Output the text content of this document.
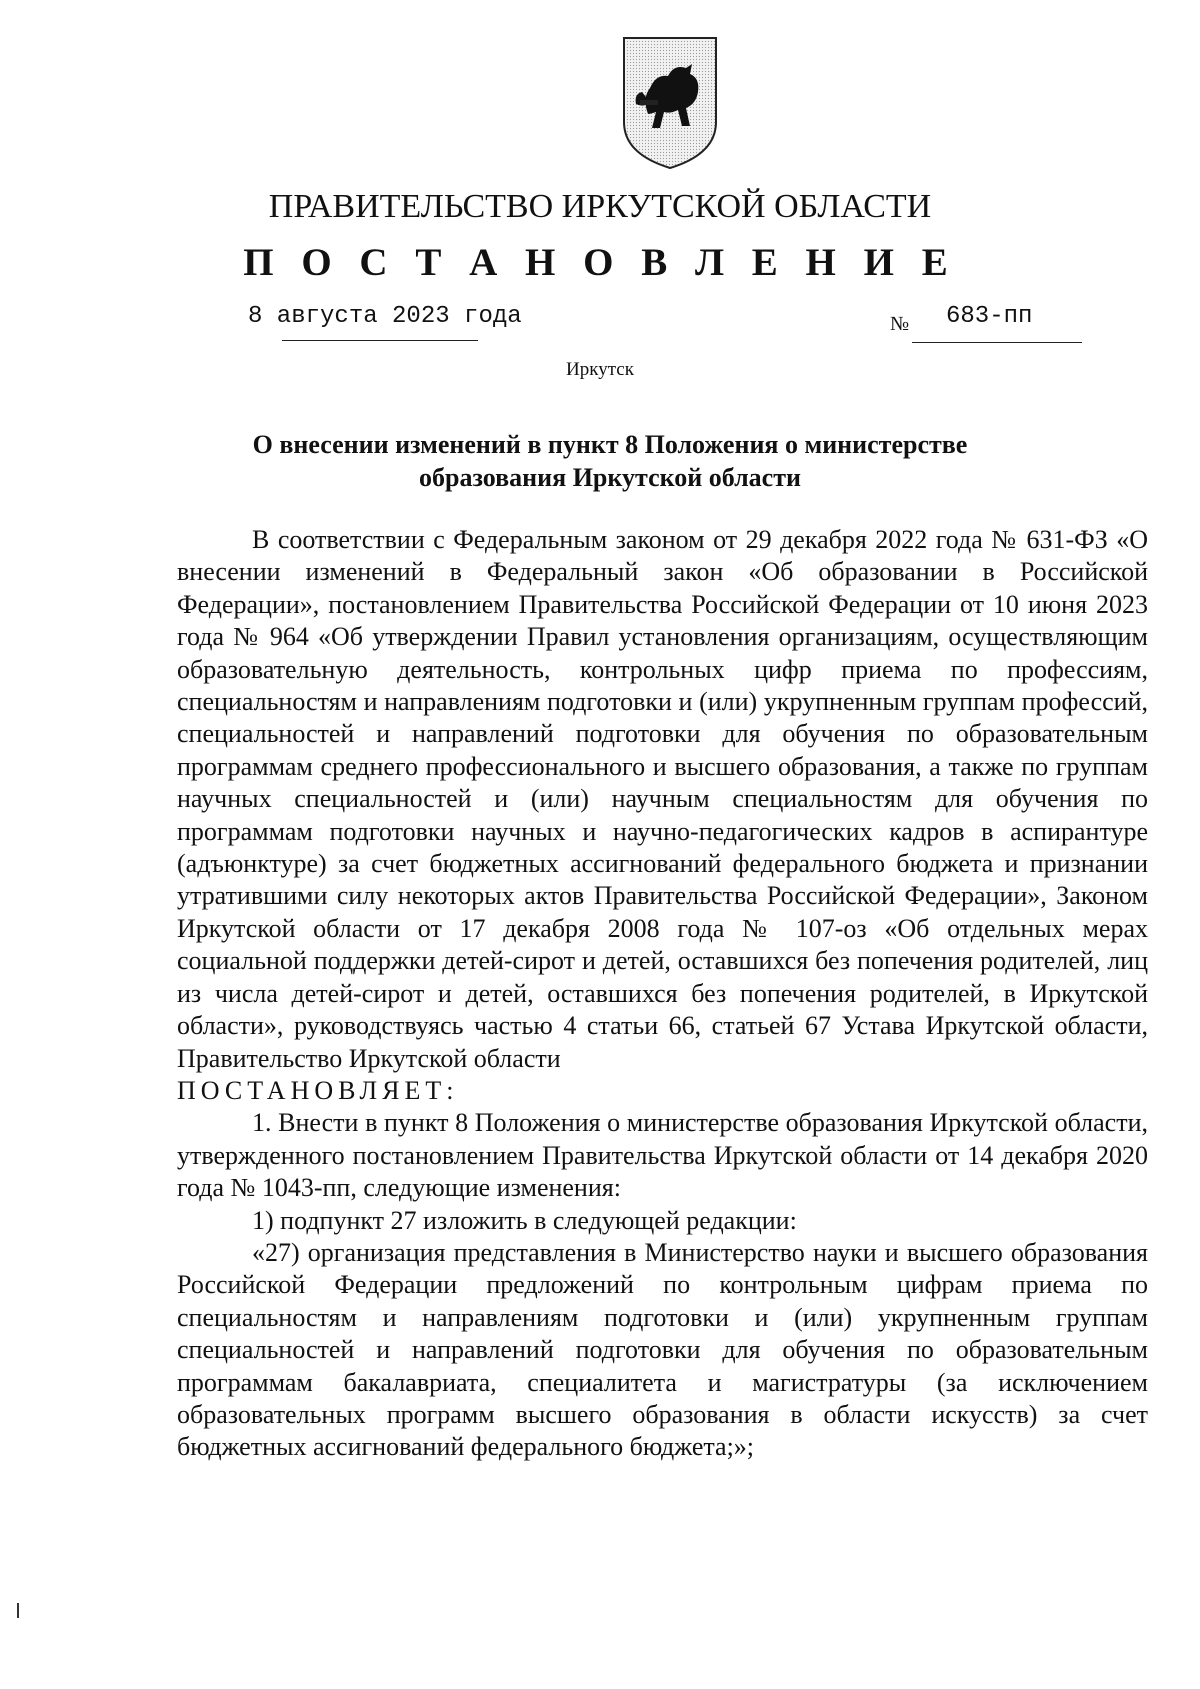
ПРАВИТЕЛЬСТВО ИРКУТСКОЙ ОБЛАСТИ
П О С Т А Н О В Л Е Н И Е
8 августа 2023 года	№ 683-пп
Иркутск
О внесении изменений в пункт 8 Положения о министерстве образования Иркутской области

В соответствии с Федеральным законом от 29 декабря 2022 года № 631-ФЗ «О внесении изменений в Федеральный закон «Об образовании в Российской Федерации», постановлением Правительства Российской Федерации от 10 июня 2023 года № 964 «Об утверждении Правил установления организациям, осуществляющим образовательную деятельность, контрольных цифр приема по профессиям, специальностям и направлениям подготовки и (или) укрупненным группам профессий, специальностей и направлений подготовки для обучения по образовательным программам среднего профессионального и высшего образования, а также по группам научных специальностей и (или) научным специальностям для обучения по программам подготовки научных и научно-педагогических кадров в аспирантуре (адъюнктуре) за счет бюджетных ассигнований федерального бюджета и признании утратившими силу некоторых актов Правительства Российской Федерации», Законом Иркутской области от 17 декабря 2008 года № 107-оз «Об отдельных мерах социальной поддержки детей-сирот и детей, оставшихся без попечения родителей, лиц из числа детей-сирот и детей, оставшихся без попечения родителей, в Иркутской области», руководствуясь частью 4 статьи 66, статьей 67 Устава Иркутской области, Правительство Иркутской области

ПОСТАНОВЛЯЕТ:

1. Внести в пункт 8 Положения о министерстве образования Иркутской области, утвержденного постановлением Правительства Иркутской области от 14 декабря 2020 года № 1043-пп, следующие изменения:

1) подпункт 27 изложить в следующей редакции:

«27) организация представления в Министерство науки и высшего образования Российской Федерации предложений по контрольным цифрам приема по специальностям и направлениям подготовки и (или) укрупненным группам специальностей и направлений подготовки для обучения по образовательным программам бакалавриата, специалитета и магистратуры (за исключением образовательных программ высшего образования в области искусств) за счет бюджетных ассигнований федерального бюджета;»;
